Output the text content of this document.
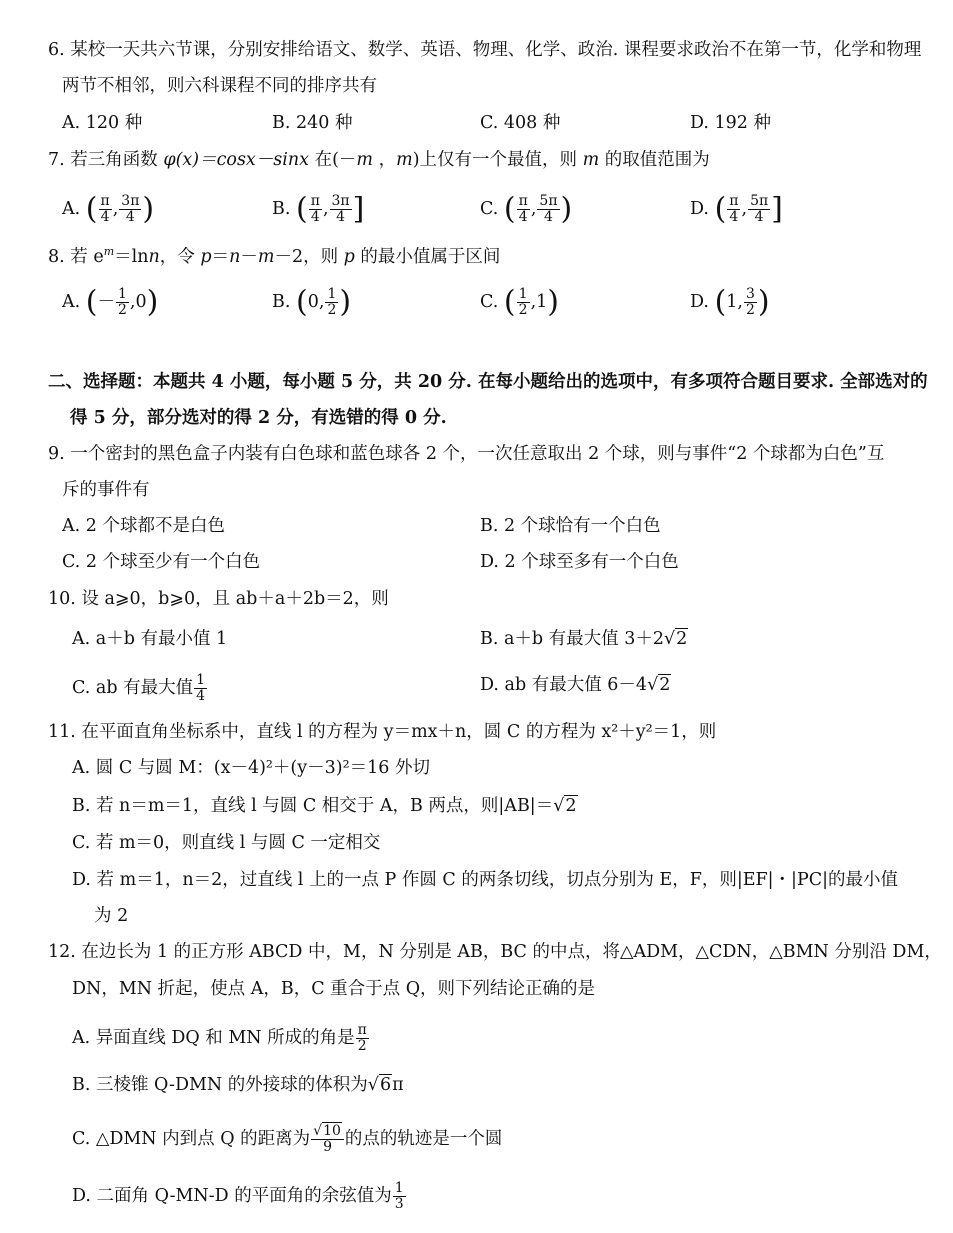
6. 某校一天共六节课，分别安排给语文、数学、英语、物理、化学、政治. 课程要求政治不在第一节，化学和物理
两节不相邻，则六科课程不同的排序共有
A. 120 种	B. 240 种	C. 408 种	D. 192 种
7. 若三角函数 φ(x)＝cosx－sinx 在(－m ，m)上仅有一个最值，则 m 的取值范围为
A. ( $\frac{\pi}{4}$ , $\frac{3\pi}{4}$ )	B. ( $\frac{\pi}{4}$ , $\frac{3\pi}{4}$ ]	C. ( $\frac{\pi}{4}$ , $\frac{5\pi}{4}$ )	D. ( $\frac{\pi}{4}$ , $\frac{5\pi}{4}$ ]
8. 若 $e^m=\ln n$，令 p＝n－m－2，则 p 的最小值属于区间
A. (－ $\frac{1}{2} ,0$)	B. (0, $\frac{1}{2}$ )	C. ( $\frac{1}{2} ,1$)	D. (1, $\frac{3}{2}$ )
二、选择题：本题共 4 小题，每小题 5 分，共 20 分. 在每小题给出的选项中，有多项符合题目要求. 全部选对的
得 5 分，部分选对的得 2 分，有选错的得 0 分.
9. 一个密封的黑色盒子内装有白色球和蓝色球各 2 个，一次任意取出 2 个球，则与事件“2 个球都为白色”互
斥的事件有
A. 2 个球都不是白色	B. 2 个球恰有一个白色
C. 2 个球至少有一个白色	D. 2 个球至多有一个白色
10. 设 a⩾0，b⩾0，且 ab＋a＋2b＝2，则
A. a＋b 有最小值 1	B. a＋b 有最大值 3＋2√2
C. ab 有最大值 $\frac{1}{4}$	D. ab 有最大值 6－4√2
11. 在平面直角坐标系中，直线 l 的方程为 y＝mx＋n，圆 C 的方程为 x²＋y²＝1，则
A. 圆 C 与圆 M：(x－4)²＋(y－3)²＝16 外切
B. 若 n＝m＝1，直线 l 与圆 C 相交于 A，B 两点，则|AB|＝√2
C. 若 m＝0，则直线 l 与圆 C 一定相交
D. 若 m＝1，n＝2，过直线 l 上的一点 P 作圆 C 的两条切线，切点分别为 E，F，则|EF|・|PC|的最小值
为 2
12. 在边长为 1 的正方形 ABCD 中，M，N 分别是 AB，BC 的中点，将△ADM，△CDN，△BMN 分别沿 DM，
DN，MN 折起，使点 A，B，C 重合于点 Q，则下列结论正确的是
A. 异面直线 DQ 和 MN 所成的角是 $\frac{\pi}{2}$
B. 三棱锥 Q-DMN 的外接球的体积为√6π
C. △DMN 内到点 Q 的距离为 $\frac{√10}{9}$ 的点的轨迹是一个圆
D. 二面角 Q-MN-D 的平面角的余弦值为 $\frac{1}{3}$
